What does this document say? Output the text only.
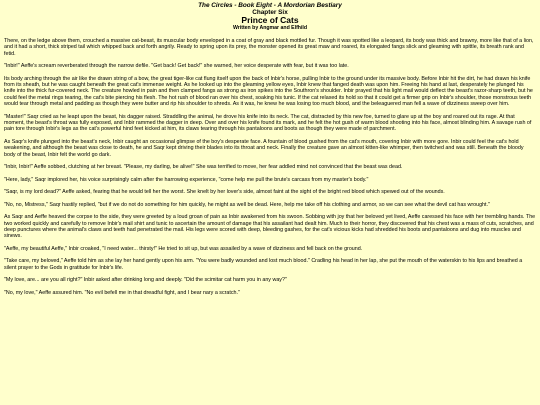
The Circles - Book Eight - A Mordorian Bestiary
Chapter Six
Prince of Cats
Written by Angmar and Elfhild

There, on the ledge above them, crouched a massive cat-beast, its muscular body enveloped in a coat of gray and black mottled fur. Though it was spotted like a leopard, its body was thick and brawny, more like that of a lion, and it had a short, thick striped tail which whipped back and forth angrily. Ready to spring upon its prey, the monster opened its great maw and roared, its elongated fangs slick and gleaming with spittle, its breath rank and fetid.

"Inbir!" Aeffe's scream reverberated through the narrow defile. "Get back! Get back!" she warned, her voice desperate with fear, but it was too late.

Its body arching through the air like the drawn string of a bow, the great tiger-like cat flung itself upon the back of Inbir's horse, pulling Inbir to the ground under its massive body. Before Inbir hit the dirt, he had drawn his knife from its sheath, but he was caught beneath the great cat's immense weight. As he looked up into the gleaming yellow eyes, Inbir knew that fanged death was upon him. Freeing his hand at last, desperately he plunged his knife into the thick fur-covered neck. The creature howled in pain and then clamped fangs as strong as iron spikes into the Southron's shoulder. Inbir prayed that his light mail would deflect the beast's razor-sharp teeth, but he could feel the metal rings tearing, the cat's bite piercing his flesh. The hot rush of blood ran over his chest, soaking his tunic. If the cat relaxed its hold so that it could get a firmer grip on Inbir's shoulder, those monstrous teeth would tear through metal and padding as though they were butter and rip his shoulder to shreds. As it was, he knew he was losing too much blood, and the beleaguered man fell a wave of dizziness sweep over him.

"Master!" Saqr cried as he leapt upon the beast, his dagger raised. Straddling the animal, he drove his knife into its neck. The cat, distracted by this new foe, turned to glare up at the boy and roared out its rage. At that moment, the beast's throat was fully exposed, and Inbir rammed the dagger in deep. Over and over his knife found its mark, and he felt the hot gush of warm blood shooting into his face, almost blinding him. A savage rush of pain tore through Inbir's legs as the cat's powerful hind feet kicked at him, its claws tearing through his pantaloons and boots as though they were made of parchment.

As Saqr's knife plunged into the beast's neck, Inbir caught an occasional glimpse of the boy's desperate face. A fountain of blood gushed from the cat's mouth, covering Inbir with more gore. Inbir could feel the cat's hold weakening, and although the beast was close to death, he and Saqr kept driving their blades into its throat and neck. Finally the creature gave an almost kitten-like whimper, then twitched and was still. Beneath the bloody body of the beast, Inbir felt the world go dark.

"Inbir, Inbir!" Aeffe sobbed, clutching at her breast. "Please, my darling, be alive!" She was terrified to move, her fear addled mind not convinced that the beast was dead.

"Here, lady," Saqr implored her, his voice surprisingly calm after the harrowing experience, "come help me pull the brute's carcass from my master's body."

"Saqr, is my lord dead?" Aeffe asked, fearing that he would tell her the worst. She knelt by her lover's side, almost faint at the sight of the bright red blood which spewed out of the wounds.

"No, no, Mistress," Saqr hastily replied, "but if we do not do something for him quickly, he might as well be dead. Here, help me take off his clothing and armor, so we can see what the devil cat has wrought."

As Saqr and Aeffe heaved the corpse to the side, they were greeted by a loud groan of pain as Inbir awakened from his swoon. Sobbing with joy that her beloved yet lived, Aeffe caressed his face with her trembling hands. The two worked quickly and carefully to remove Inbir's mail shirt and tunic to ascertain the amount of damage that his assailant had dealt him. Much to their horror, they discovered that his chest was a mass of cuts, scratches, and deep punctures where the animal's claws and teeth had penetrated the mail. His legs were scored with deep, bleeding gashes, for the cat's vicious kicks had shredded his boots and pantaloons and dug into muscles and sinews.

"Aeffe, my beautiful Aeffe," Inbir croaked, "I need water... thirsty!" He tried to sit up, but was assailed by a wave of dizziness and fell back on the ground.

"Take care, my beloved," Aeffe told him as she lay her hand gently upon his arm. "You were badly wounded and lost much blood." Cradling his head in her lap, she put the mouth of the waterskin to his lips and breathed a silent prayer to the Gods in gratitude for Inbir's life.

"My love, are... are you all right?" Inbir asked after drinking long and deeply. "Did the scimitar cat harm you in any way?"

"No, my love," Aeffe assured him. "No evil befell me in that dreadful fight, and I bear nary a scratch."
